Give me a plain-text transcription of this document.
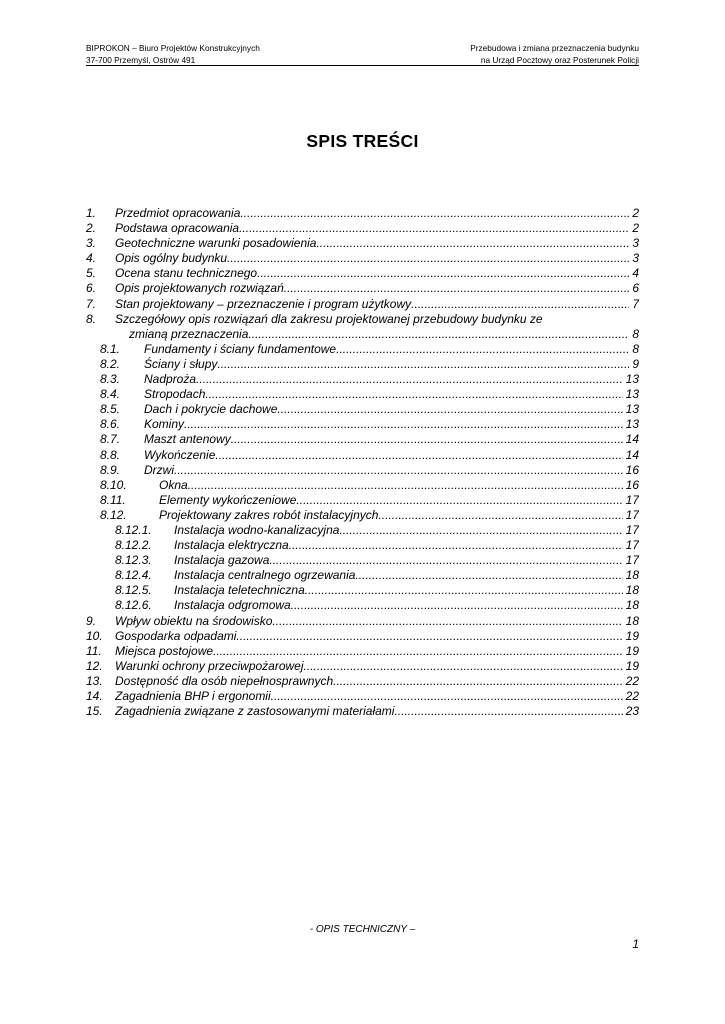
BIPROKON – Biuro Projektów Konstrukcyjnych
37-700 Przemyśl, Ostrów 491
Przebudowa i zmiana przeznaczenia budynku
na Urząd Pocztowy oraz Posterunek Policji
SPIS TREŚCI
1. Przedmiot opracowania .....	2
2. Podstawa opracowania .....	2
3. Geotechniczne warunki posadowienia .....	3
4. Opis ogólny budynku .....	3
5. Ocena stanu technicznego .....	4
6. Opis projektowanych rozwiązań .....	6
7. Stan projektowany – przeznaczenie i program użytkowy .....	7
8. Szczegółowy opis rozwiązań dla zakresu projektowanej przebudowy budynku ze
zmianą przeznaczenia .....	8
8.1. Fundamenty i ściany fundamentowe .....	8
8.2. Ściany i słupy .....	9
8.3. Nadproża .....	13
8.4. Stropodach .....	13
8.5. Dach i pokrycie dachowe .....	13
8.6. Kominy .....	13
8.7. Maszt antenowy .....	14
8.8. Wykończenie .....	14
8.9. Drzwi .....	16
8.10.	Okna .....	16
8.11.	Elementy wykończeniowe .....	17
8.12.	Projektowany zakres robót instalacyjnych .....	17
8.12.1. Instalacja wodno-kanalizacyjna .....	17
8.12.2. Instalacja elektryczna .....	17
8.12.3. Instalacja gazowa .....	17
8.12.4. Instalacja centralnego ogrzewania .....	18
8.12.5. Instalacja teletechniczna .....	18
8.12.6. Instalacja odgromowa .....	18
9. Wpływ obiektu na środowisko .....	18
10. Gospodarka odpadami .....	19
11. Miejsca postojowe .....	19
12. Warunki ochrony przeciwpożarowej .....	19
13. Dostępność dla osób niepełnosprawnych .....	22
14. Zagadnienia BHP i ergonomii .....	22
15. Zagadnienia związane z zastosowanymi materiałami .....	23
- OPIS TECHNICZNY –
1
